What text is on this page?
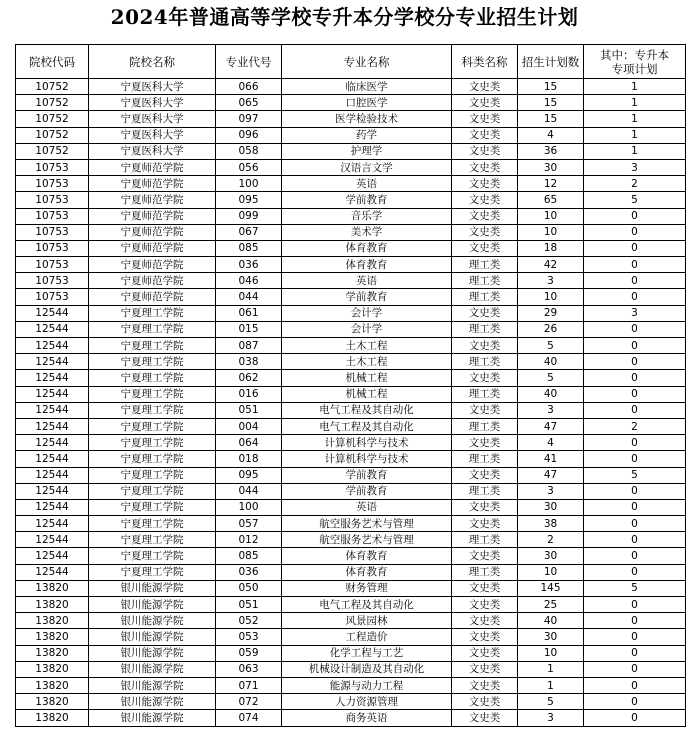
2024年普通高等学校专升本分学校分专业招生计划
院校代码	院校名称	专业代号	专业名称	科类名称	招生计划数	其中：专升本
专项计划
10752	宁夏医科大学	066	临床医学	文史类	15	1
10752	宁夏医科大学	065	口腔医学	文史类	15	1
10752	宁夏医科大学	097	医学检验技术	文史类	15	1
10752	宁夏医科大学	096	药学	文史类	4	1
10752	宁夏医科大学	058	护理学	文史类	36	1
10753	宁夏师范学院	056	汉语言文学	文史类	30	3
10753	宁夏师范学院	100	英语	文史类	12	2
10753	宁夏师范学院	095	学前教育	文史类	65	5
10753	宁夏师范学院	099	音乐学	文史类	10	0
10753	宁夏师范学院	067	美术学	文史类	10	0
10753	宁夏师范学院	085	体育教育	文史类	18	0
10753	宁夏师范学院	036	体育教育	理工类	42	0
10753	宁夏师范学院	046	英语	理工类	3	0
10753	宁夏师范学院	044	学前教育	理工类	10	0
12544	宁夏理工学院	061	会计学	文史类	29	3
12544	宁夏理工学院	015	会计学	理工类	26	0
12544	宁夏理工学院	087	土木工程	文史类	5	0
12544	宁夏理工学院	038	土木工程	理工类	40	0
12544	宁夏理工学院	062	机械工程	文史类	5	0
12544	宁夏理工学院	016	机械工程	理工类	40	0
12544	宁夏理工学院	051	电气工程及其自动化	文史类	3	0
12544	宁夏理工学院	004	电气工程及其自动化	理工类	47	2
12544	宁夏理工学院	064	计算机科学与技术	文史类	4	0
12544	宁夏理工学院	018	计算机科学与技术	理工类	41	0
12544	宁夏理工学院	095	学前教育	文史类	47	5
12544	宁夏理工学院	044	学前教育	理工类	3	0
12544	宁夏理工学院	100	英语	文史类	30	0
12544	宁夏理工学院	057	航空服务艺术与管理	文史类	38	0
12544	宁夏理工学院	012	航空服务艺术与管理	理工类	2	0
12544	宁夏理工学院	085	体育教育	文史类	30	0
12544	宁夏理工学院	036	体育教育	理工类	10	0
13820	银川能源学院	050	财务管理	文史类	145	5
13820	银川能源学院	051	电气工程及其自动化	文史类	25	0
13820	银川能源学院	052	风景园林	文史类	40	0
13820	银川能源学院	053	工程造价	文史类	30	0
13820	银川能源学院	059	化学工程与工艺	文史类	10	0
13820	银川能源学院	063	机械设计制造及其自动化	文史类	1	0
13820	银川能源学院	071	能源与动力工程	文史类	1	0
13820	银川能源学院	072	人力资源管理	文史类	5	0
13820	银川能源学院	074	商务英语	文史类	3	0
